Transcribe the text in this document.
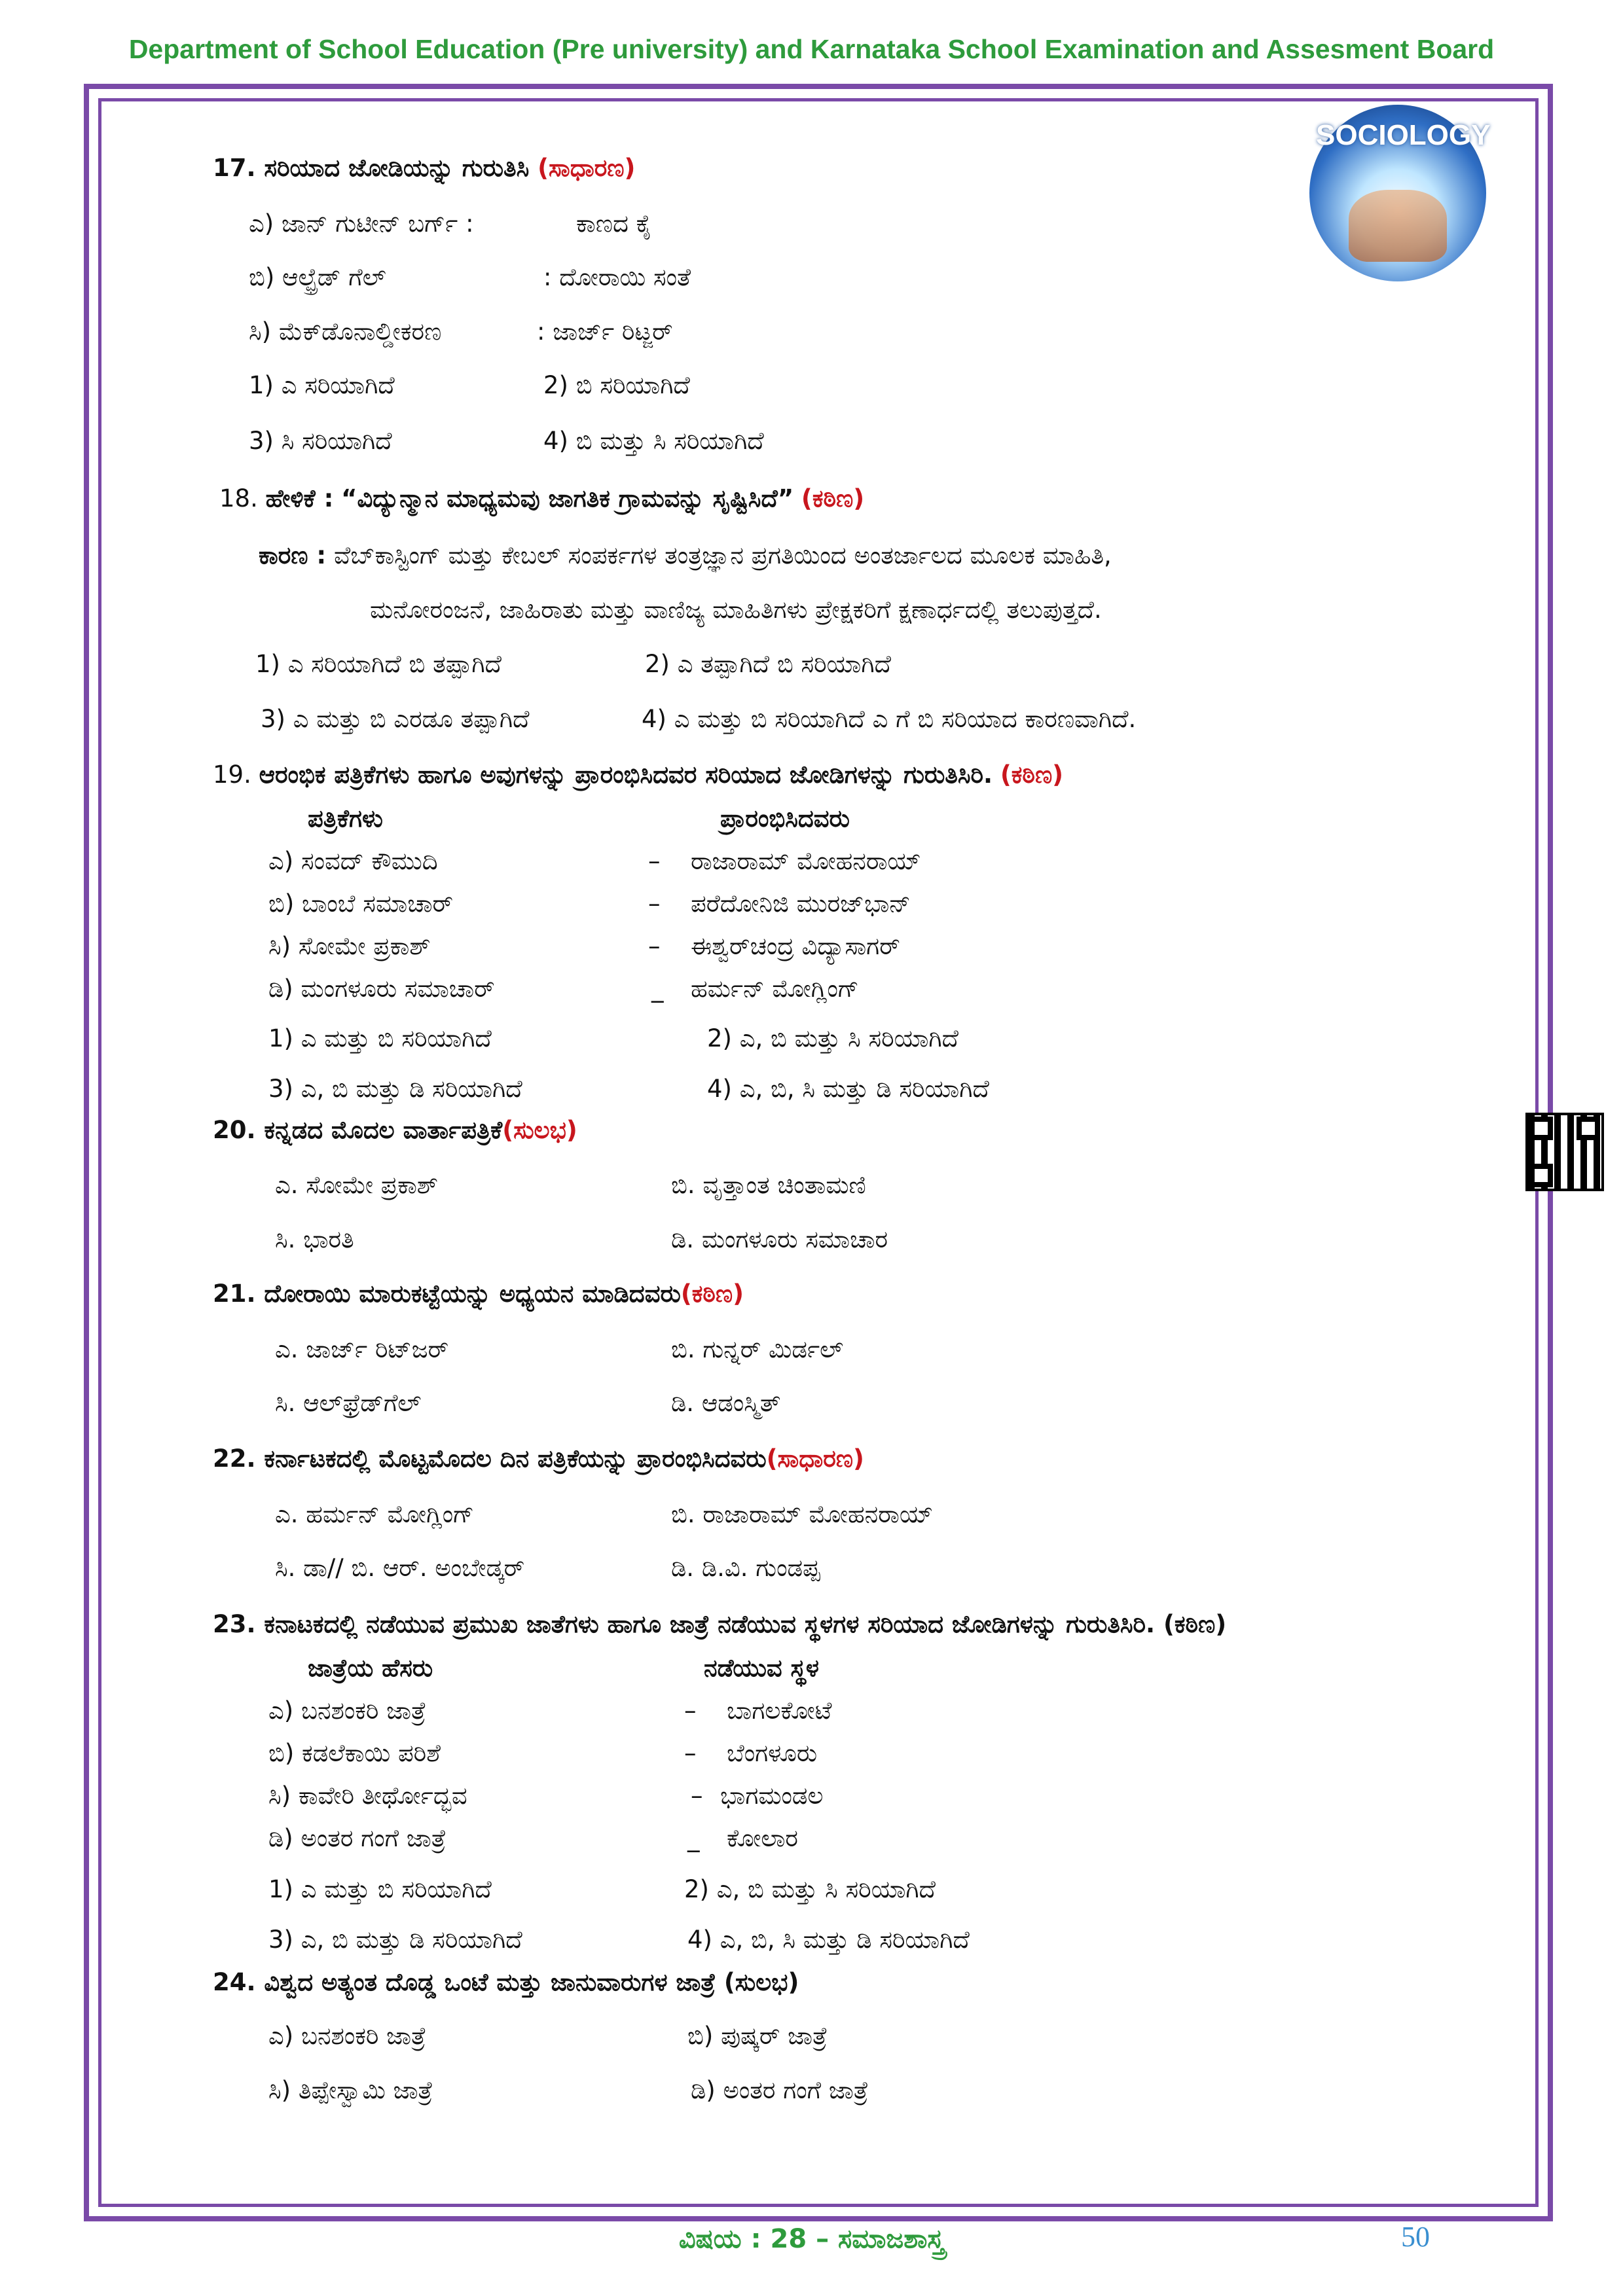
Department of School Education (Pre university) and Karnataka School Examination and Assesment Board
SOCIOLOGY
17. ಸರಿಯಾದ ಜೋಡಿಯನ್ನು ಗುರುತಿಸಿ (ಸಾಧಾರಣ)
ಎ) ಜಾನ್ ಗುಟೀನ್ ಬರ್ಗ್ :	ಕಾಣದ ಕೈ
ಬಿ) ಆಲ್ಫ್ರೆಡ್ ಗೆಲ್	: ದೋರಾಯಿ ಸಂತೆ
ಸಿ) ಮೆಕ್‌ಡೊನಾಲ್ಡೀಕರಣ	: ಜಾರ್ಜ್ ರಿಟ್ಜರ್
1) ಎ ಸರಿಯಾಗಿದೆ	2) ಬಿ ಸರಿಯಾಗಿದೆ
3) ಸಿ ಸರಿಯಾಗಿದೆ	4) ಬಿ ಮತ್ತು ಸಿ ಸರಿಯಾಗಿದೆ
18. ಹೇಳಿಕೆ : “ವಿದ್ಯುನ್ಮಾನ ಮಾಧ್ಯಮವು ಜಾಗತಿಕ ಗ್ರಾಮವನ್ನು ಸೃಷ್ಟಿಸಿದೆ” (ಕಠಿಣ)
ಕಾರಣ : ವೆಬ್‌ಕಾಸ್ಟಿಂಗ್ ಮತ್ತು ಕೇಬಲ್ ಸಂಪರ್ಕಗಳ ತಂತ್ರಜ್ಞಾನ ಪ್ರಗತಿಯಿಂದ ಅಂತರ್ಜಾಲದ ಮೂಲಕ ಮಾಹಿತಿ,
ಮನೋರಂಜನೆ, ಜಾಹಿರಾತು ಮತ್ತು ವಾಣಿಜ್ಯ ಮಾಹಿತಿಗಳು ಪ್ರೇಕ್ಷಕರಿಗೆ ಕ್ಷಣಾರ್ಧದಲ್ಲಿ ತಲುಪುತ್ತದೆ.
1) ಎ ಸರಿಯಾಗಿದೆ ಬಿ ತಪ್ಪಾಗಿದೆ	2) ಎ ತಪ್ಪಾಗಿದೆ ಬಿ ಸರಿಯಾಗಿದೆ
3) ಎ ಮತ್ತು ಬಿ ಎರಡೂ ತಪ್ಪಾಗಿದೆ	4) ಎ ಮತ್ತು ಬಿ ಸರಿಯಾಗಿದೆ ಎ ಗೆ ಬಿ ಸರಿಯಾದ ಕಾರಣವಾಗಿದೆ.
19. ಆರಂಭಿಕ ಪತ್ರಿಕೆಗಳು ಹಾಗೂ ಅವುಗಳನ್ನು ಪ್ರಾರಂಭಿಸಿದವರ ಸರಿಯಾದ ಜೋಡಿಗಳನ್ನು ಗುರುತಿಸಿರಿ. (ಕಠಿಣ)
ಪತ್ರಿಕೆಗಳು	ಪ್ರಾರಂಭಿಸಿದವರು
ಎ) ಸಂವದ್ ಕೌಮುದಿ	– ರಾಜಾರಾಮ್ ಮೋಹನರಾಯ್
ಬಿ) ಬಾಂಬೆ ಸಮಾಚಾರ್	– ಪರೆದೋನಿಜಿ ಮುರಜ್‌ಭಾನ್
ಸಿ) ಸೋಮೇ ಪ್ರಕಾಶ್	– ಈಶ್ವರ್‌ಚಂದ್ರ ವಿದ್ಯಾಸಾಗರ್
ಡಿ) ಮಂಗಳೂರು ಸಮಾಚಾರ್	_ ಹರ್ಮನ್ ಮೋಗ್ಲಿಂಗ್
1) ಎ ಮತ್ತು ಬಿ ಸರಿಯಾಗಿದೆ	2) ಎ, ಬಿ ಮತ್ತು ಸಿ ಸರಿಯಾಗಿದೆ
3) ಎ, ಬಿ ಮತ್ತು ಡಿ ಸರಿಯಾಗಿದೆ	4) ಎ, ಬಿ, ಸಿ ಮತ್ತು ಡಿ ಸರಿಯಾಗಿದೆ
20. ಕನ್ನಡದ ಮೊದಲ ವಾರ್ತಾಪತ್ರಿಕೆ(ಸುಲಭ)
ಎ. ಸೋಮೇ ಪ್ರಕಾಶ್	ಬಿ. ವೃತ್ತಾಂತ ಚಿಂತಾಮಣಿ
ಸಿ. ಭಾರತಿ	ಡಿ. ಮಂಗಳೂರು ಸಮಾಚಾರ
21. ದೋರಾಯಿ ಮಾರುಕಟ್ಟೆಯನ್ನು ಅಧ್ಯಯನ ಮಾಡಿದವರು(ಕಠಿಣ)
ಎ. ಜಾರ್ಜ್ ರಿಟ್‌ಜರ್	ಬಿ. ಗುನ್ನರ್ ಮಿರ್ಡಲ್
ಸಿ. ಆಲ್‌ಫ್ರೆಡ್‌ಗೆಲ್	ಡಿ. ಆಡಂಸ್ಮಿತ್
22. ಕರ್ನಾಟಕದಲ್ಲಿ ಮೊಟ್ಟಮೊದಲ ದಿನ ಪತ್ರಿಕೆಯನ್ನು ಪ್ರಾರಂಭಿಸಿದವರು(ಸಾಧಾರಣ)
ಎ. ಹರ್ಮನ್ ಮೋಗ್ಲಿಂಗ್	ಬಿ. ರಾಜಾರಾಮ್ ಮೋಹನರಾಯ್
ಸಿ. ಡಾ// ಬಿ. ಆರ್. ಅಂಬೇಡ್ಕರ್	ಡಿ. ಡಿ.ವಿ. ಗುಂಡಪ್ಪ
23. ಕನಾಟಕದಲ್ಲಿ ನಡೆಯುವ ಪ್ರಮುಖ ಜಾತೆಗಳು ಹಾಗೂ ಜಾತ್ರೆ ನಡೆಯುವ ಸ್ಥಳಗಳ ಸರಿಯಾದ ಜೋಡಿಗಳನ್ನು ಗುರುತಿಸಿರಿ. (ಕಠಿಣ)
ಜಾತ್ರೆಯ ಹೆಸರು	ನಡೆಯುವ ಸ್ಥಳ
ಎ) ಬನಶಂಕರಿ ಜಾತ್ರೆ	– ಬಾಗಲಕೋಟೆ
ಬಿ) ಕಡಲೆಕಾಯಿ ಪರಿಶೆ	– ಬೆಂಗಳೂರು
ಸಿ) ಕಾವೇರಿ ತೀರ್ಥೋದ್ಭವ	– ಭಾಗಮಂಡಲ
ಡಿ) ಅಂತರ ಗಂಗೆ ಜಾತ್ರೆ	_ ಕೋಲಾರ
1) ಎ ಮತ್ತು ಬಿ ಸರಿಯಾಗಿದೆ	2) ಎ, ಬಿ ಮತ್ತು ಸಿ ಸರಿಯಾಗಿದೆ
3) ಎ, ಬಿ ಮತ್ತು ಡಿ ಸರಿಯಾಗಿದೆ	4) ಎ, ಬಿ, ಸಿ ಮತ್ತು ಡಿ ಸರಿಯಾಗಿದೆ
24. ವಿಶ್ವದ ಅತ್ಯಂತ ದೊಡ್ಡ ಒಂಟೆ ಮತ್ತು ಜಾನುವಾರುಗಳ ಜಾತ್ರೆ (ಸುಲಭ)
ಎ) ಬನಶಂಕರಿ ಜಾತ್ರೆ	ಬಿ) ಪುಷ್ಕರ್ ಜಾತ್ರೆ
ಸಿ) ತಿಪ್ಪೇಸ್ವಾಮಿ ಜಾತ್ರೆ	ಡಿ) ಅಂತರ ಗಂಗೆ ಜಾತ್ರೆ
ವಿಷಯ : 28 – ಸಮಾಜಶಾಸ್ತ್ರ	50
